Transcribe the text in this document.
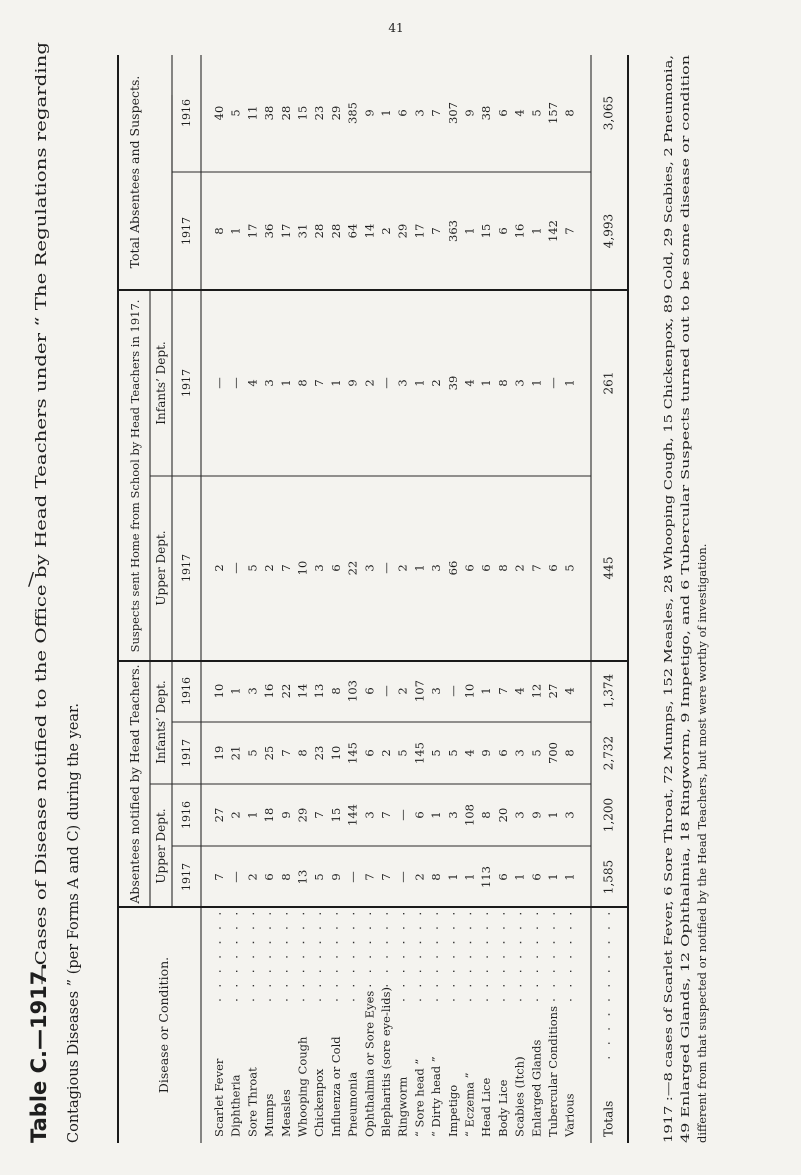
41
/
Table C.—1917.
—Cases of Disease notified to the Office by Head Teachers under “ The Regulations regarding Contagious Diseases ” (per Forms A and C) during the year.	Disease or Condition.
Absentees notified by Head Teachers. Upper Dept.
Infants’ Dept.
1917
1916
1917
1916
Suspects sent Home from School by Head Teachers in 1917. Upper Dept.
Infants’ Dept.
1917
1917
Total Absentees and Suspects.	1917
1916
1917 :—8 cases of Scarlet Fever, 6 Sore Throat, 72 Mumps, 152 Measles, 28 Whooping Cough, 15 Chickenpox, 89 Cold, 29 Scabies, 2 Pneumonia, 49 Enlarged Glands, 12 Ophthalmia, 18 Ringworm, 9 Impetigo, and 6 Tubercular Suspects turned out to be some disease or condition different from that suspected or notified by the Head Teachers, but most were worthy of investigation.
Scarlet Fever Diphtheria Sore Throat Mumps Measles Whooping Cough Chickenpox Influenza or Cold Pneumonia Ophthalmia or Sore Eyes Blepharitis (sore eye-lids) Ringworm “ Sore head ” “ Dirty head ” Impetigo “ Eczema ” Head Lice Body Lice Scabies (Itch) Enlarged Glands Tubercular Conditions Various
7 — 2 6 8 13 5 9 — 7 7 — 2 8 1 1 113 6 1 6 1 1 1,585
27 2 1 18 9 29 7 15 144 3 7 — 6 1 3 108 8 20 3 9 1 3 1,200
19 21 5 25 7 8 23 10 145 6 2 5 145 5 5 4 9 6 3 5 700 8 2,732
10 1 3 16 22 14 13 8 103 6 — 2 107 3 — 10 1 7 4 12 27 4 1,374
2 — 5 2 7 10 3 6 22 3 — 2 1 3 66 6 6 8 2 7 6 5 445
— — 4 3 1 8 7 1 9 2 — 3 1 2 39 4 1 8 3 1 — 1 261
8 1 17 36 17 31 28 28 64 14 2 29 17 7 363 1 15 6 16 1 142 7 4,993
40 5 11 38 28 15 23 29 385 9 1 6 3 7 307 9 38 6 4 5 157 8 3,065
Totals
